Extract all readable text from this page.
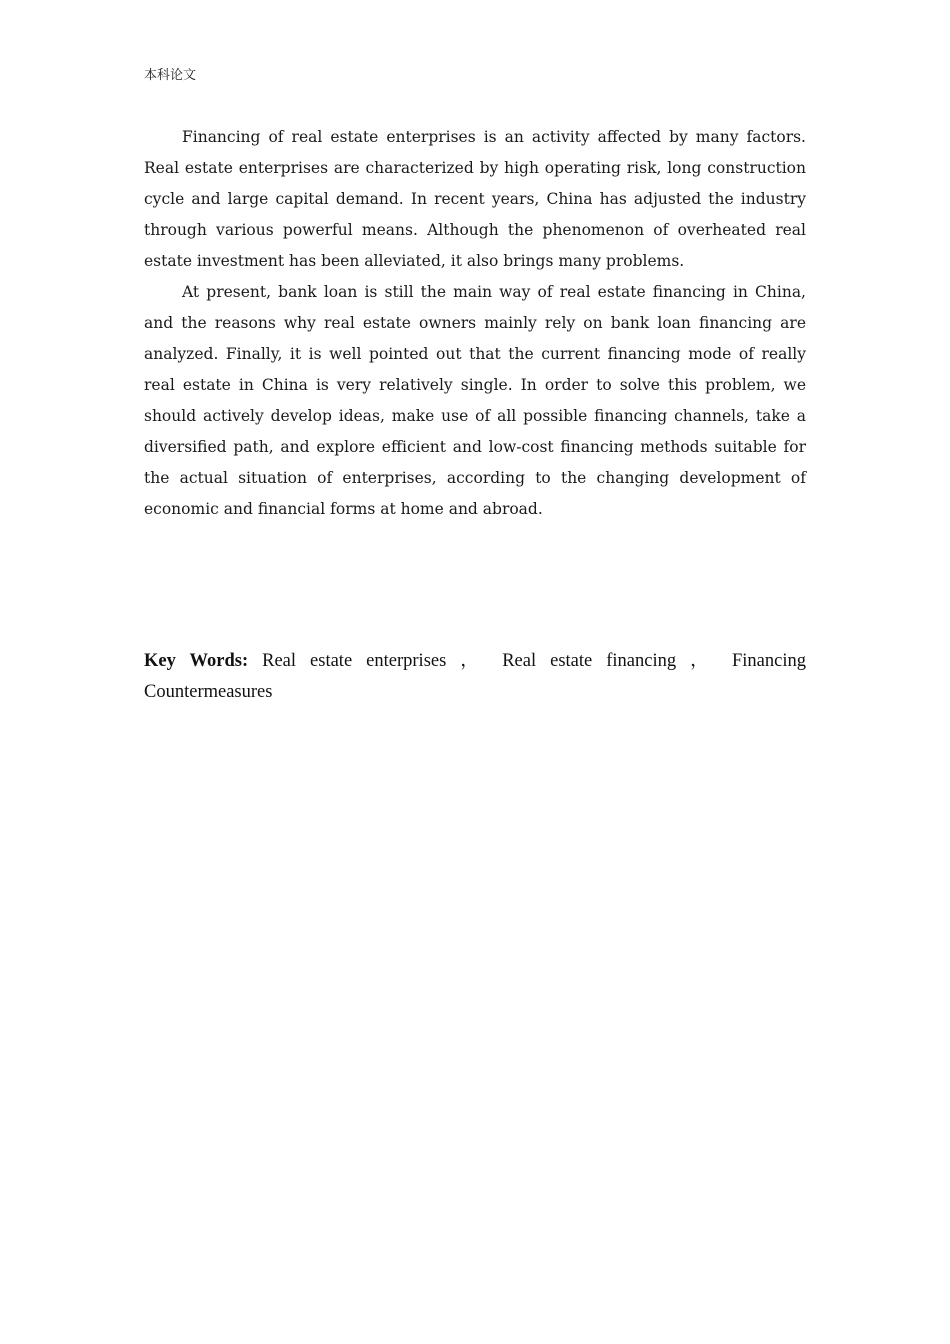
本科论文

Financing of real estate enterprises is an activity affected by many factors. Real estate enterprises are characterized by high operating risk, long construction cycle and large capital demand. In recent years, China has adjusted the industry through various powerful means. Although the phenomenon of overheated real estate investment has been alleviated, it also brings many problems.

At present, bank loan is still the main way of real estate financing in China, and the reasons why real estate owners mainly rely on bank loan financing are analyzed. Finally, it is well pointed out that the current financing mode of really real estate in China is very relatively single. In order to solve this problem, we should actively develop ideas, make use of all possible financing channels, take a diversified path, and explore efficient and low-cost financing methods suitable for the actual situation of enterprises, according to the changing development of economic and financial forms at home and abroad.

Key Words: Real estate enterprises ， Real estate financing ， Financing Countermeasures
